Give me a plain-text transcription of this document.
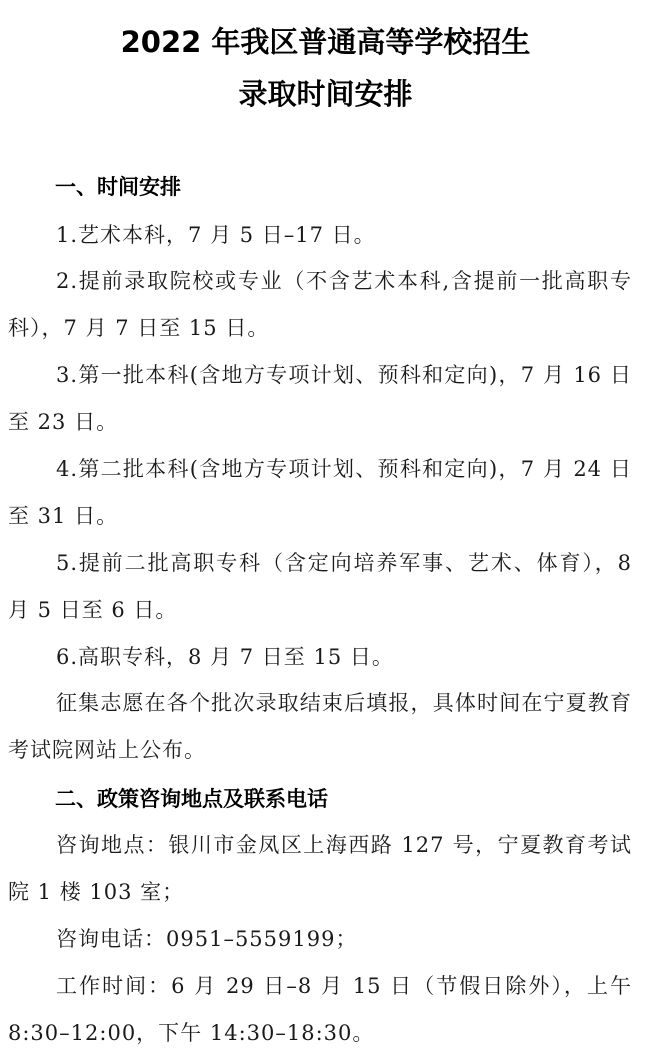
2022 年我区普通高等学校招生
录取时间安排
一、时间安排
1.艺术本科，7 月 5 日–17 日。
2.提前录取院校或专业（不含艺术本科,含提前一批高职专科），7 月 7 日至 15 日。
3.第一批本科(含地方专项计划、预科和定向)，7 月 16 日至 23 日。
4.第二批本科(含地方专项计划、预科和定向)，7 月 24 日至 31 日。
5.提前二批高职专科（含定向培养军事、艺术、体育），8 月 5 日至 6 日。
6.高职专科，8 月 7 日至 15 日。
征集志愿在各个批次录取结束后填报，具体时间在宁夏教育考试院网站上公布。
二、政策咨询地点及联系电话
咨询地点：银川市金凤区上海西路 127 号，宁夏教育考试院 1 楼 103 室；
咨询电话：0951–5559199；
工作时间：6 月 29 日–8 月 15 日（节假日除外），上午 8:30–12:00，下午 14:30–18:30。
